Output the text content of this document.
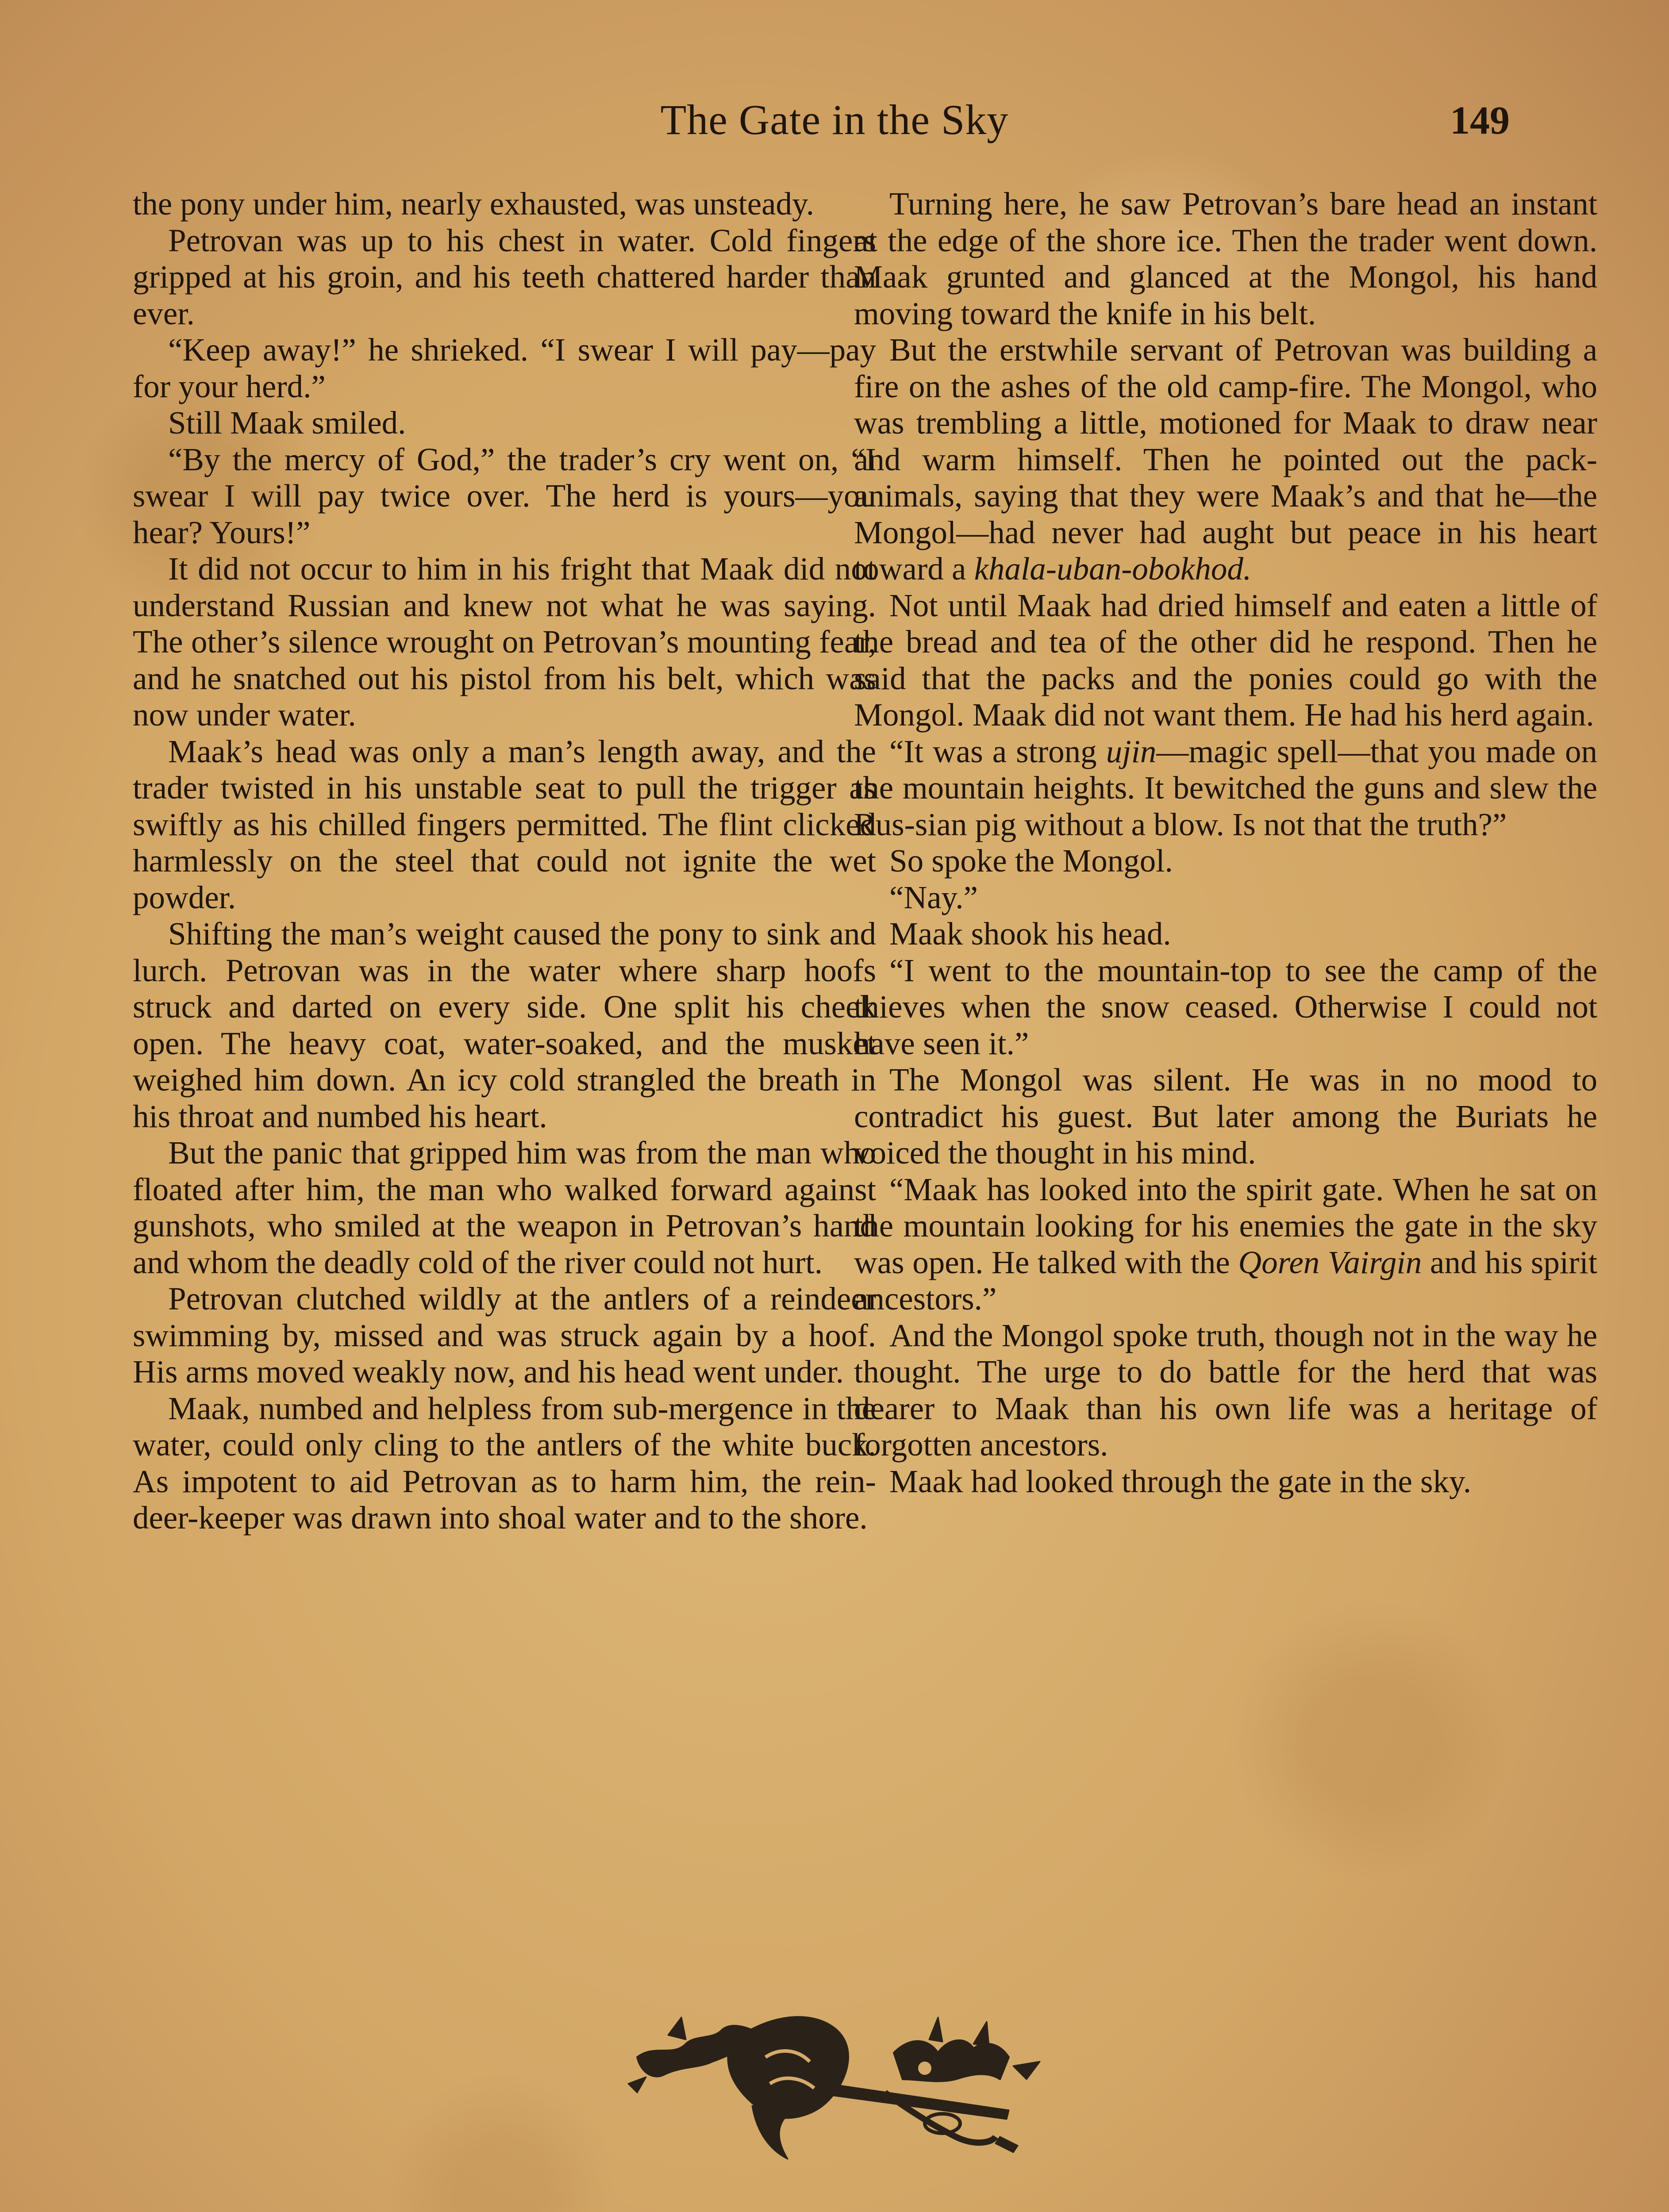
The Gate in the Sky	149

the pony under him, nearly exhausted, was unsteady.

Petrovan was up to his chest in water. Cold fingers gripped at his groin, and his teeth chattered harder than ever.

“Keep away!” he shrieked. “I swear I will pay—pay for your herd.”

Still Maak smiled.

“By the mercy of God,” the trader’s cry went on, “I swear I will pay twice over. The herd is yours—you hear? Yours!”

It did not occur to him in his fright that Maak did not understand Russian and knew not what he was saying. The other’s silence wrought on Petrovan’s mounting fear, and he snatched out his pistol from his belt, which was now under water.

Maak’s head was only a man’s length away, and the trader twisted in his unstable seat to pull the trigger as swiftly as his chilled fingers permitted. The flint clicked harmlessly on the steel that could not ignite the wet powder.

Shifting the man’s weight caused the pony to sink and lurch. Petrovan was in the water where sharp hoofs struck and darted on every side. One split his cheek open. The heavy coat, water-soaked, and the musket weighed him down. An icy cold strangled the breath in his throat and numbed his heart.

But the panic that gripped him was from the man who floated after him, the man who walked forward against gunshots, who smiled at the weapon in Petrovan’s hand and whom the deadly cold of the river could not hurt.

Petrovan clutched wildly at the antlers of a reindeer swimming by, missed and was struck again by a hoof. His arms moved weakly now, and his head went under.

Maak, numbed and helpless from sub-mergence in the water, could only cling to the antlers of the white buck. As impotent to aid Petrovan as to harm him, the rein-deer-keeper was drawn into shoal water and to the shore.

Turning here, he saw Petrovan’s bare head an instant at the edge of the shore ice. Then the trader went down. Maak grunted and glanced at the Mongol, his hand moving toward the knife in his belt.

But the erstwhile servant of Petrovan was building a fire on the ashes of the old camp-fire. The Mongol, who was trembling a little, motioned for Maak to draw near and warm himself. Then he pointed out the pack-animals, saying that they were Maak’s and that he—the Mongol—had never had aught but peace in his heart toward a khala-uban-obokhod.

Not until Maak had dried himself and eaten a little of the bread and tea of the other did he respond. Then he said that the packs and the ponies could go with the Mongol. Maak did not want them. He had his herd again.

“It was a strong ujin—magic spell—that you made on the mountain heights. It bewitched the guns and slew the Rus-sian pig without a blow. Is not that the truth?”

So spoke the Mongol.

“Nay.”

Maak shook his head.

“I went to the mountain-top to see the camp of the thieves when the snow ceased. Otherwise I could not have seen it.”

The Mongol was silent. He was in no mood to contradict his guest. But later among the Buriats he voiced the thought in his mind.

“Maak has looked into the spirit gate. When he sat on the mountain looking for his enemies the gate in the sky was open. He talked with the Qoren Vairgin and his spirit ancestors.”

And the Mongol spoke truth, though not in the way he thought. The urge to do battle for the herd that was dearer to Maak than his own life was a heritage of forgotten ancestors.

Maak had looked through the gate in the sky.
